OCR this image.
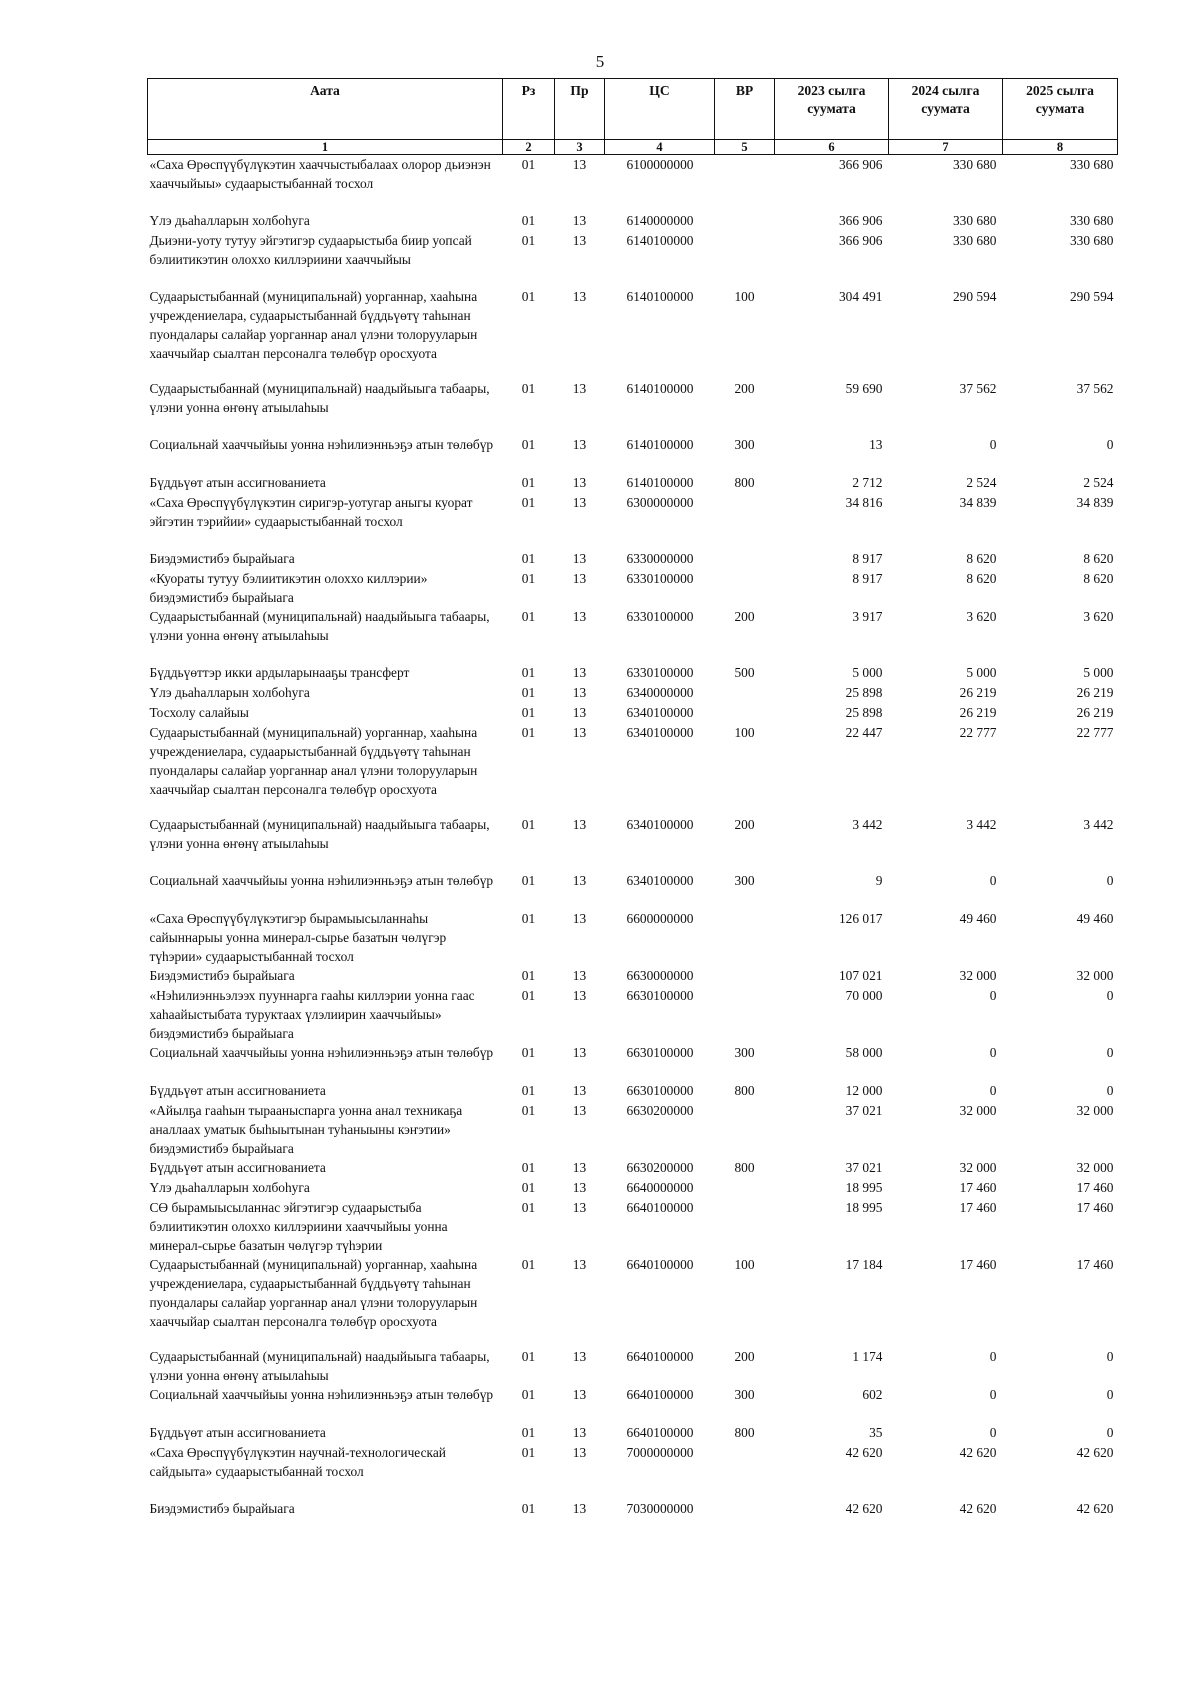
5
Аата	Рз	Пр	ЦС	ВР	2023 сылга суумата	2024 сылга суумата	2025 сылга суумата
1	2	3	4	5	6	7	8
«Саха Өрөспүүбүлүкэтин хааччыстыбалаах олорор дьиэнэн хааччыйыы» судаарыстыбаннай тосхол	01	13	6100000000		366 906	330 680	330 680
Үлэ дьаһалларын холбоһуга	01	13	6140000000		366 906	330 680	330 680
Дьиэни-уоту тутуу эйгэтигэр судаарыстыба биир уопсай бэлиитикэтин олоххо киллэриини хааччыйыы	01	13	6140100000		366 906	330 680	330 680
Судаарыстыбаннай (муниципальнай) уорганнар, хааһына учреждениелара, судаарыстыбаннай бүддьүөтү таһынан пуондалары салайар уорганнар анал үлэни толорууларын хааччыйар сыалтан персоналга төлөбүр оросхуота	01	13	6140100000	100	304 491	290 594	290 594
Судаарыстыбаннай (муниципальнай) наадыйыыга табаары, үлэни уонна өҥөнү атыылаһыы	01	13	6140100000	200	59 690	37 562	37 562
Социальнай хааччыйыы уонна нэһилиэнньэҕэ атын төлөбүр	01	13	6140100000	300	13	0	0
Бүддьүөт атын ассигнованиета	01	13	6140100000	800	2 712	2 524	2 524
«Саха Өрөспүүбүлүкэтин сиригэр-уотугар аныгы куорат эйгэтин тэрийии» судаарыстыбаннай тосхол	01	13	6300000000		34 816	34 839	34 839
Биэдэмистибэ бырайыага	01	13	6330000000		8 917	8 620	8 620
«Куораты тутуу бэлиитикэтин олоххо киллэрии» биэдэмистибэ бырайыага	01	13	6330100000		8 917	8 620	8 620
Судаарыстыбаннай (муниципальнай) наадыйыыга табаары, үлэни уонна өҥөнү атыылаһыы	01	13	6330100000	200	3 917	3 620	3 620
Бүддьүөттэр икки ардыларынааҕы трансферт	01	13	6330100000	500	5 000	5 000	5 000
Үлэ дьаһалларын холбоһуга	01	13	6340000000		25 898	26 219	26 219
Тосхолу салайыы	01	13	6340100000		25 898	26 219	26 219
Судаарыстыбаннай (муниципальнай) уорганнар, хааһына учреждениелара, судаарыстыбаннай бүддьүөтү таһынан пуондалары салайар уорганнар анал үлэни толорууларын хааччыйар сыалтан персоналга төлөбүр оросхуота	01	13	6340100000	100	22 447	22 777	22 777
Судаарыстыбаннай (муниципальнай) наадыйыыга табаары, үлэни уонна өҥөнү атыылаһыы	01	13	6340100000	200	3 442	3 442	3 442
Социальнай хааччыйыы уонна нэһилиэнньэҕэ атын төлөбүр	01	13	6340100000	300	9	0	0
«Саха Өрөспүүбүлүкэтигэр бырамыысыланнаһы сайыннарыы уонна минерал-сырье базатын чөлүгэр түһэрии» судаарыстыбаннай тосхол	01	13	6600000000		126 017	49 460	49 460
Биэдэмистибэ бырайыага	01	13	6630000000		107 021	32 000	32 000
«Нэһилиэнньэлээх пууннарга гааһы киллэрии уонна гаас хаһаайыстыбата туруктаах үлэлиирин хааччыйыы» биэдэмистибэ бырайыага	01	13	6630100000		70 000	0	0
Социальнай хааччыйыы уонна нэһилиэнньэҕэ атын төлөбүр	01	13	6630100000	300	58 000	0	0
Бүддьүөт атын ассигнованиета	01	13	6630100000	800	12 000	0	0
«Айылҕа гааһын тырааныспарга уонна анал техникаҕа аналлаах уматык быһыытынан туһаныыны кэҥэтии» биэдэмистибэ бырайыага	01	13	6630200000		37 021	32 000	32 000
Бүддьүөт атын ассигнованиета	01	13	6630200000	800	37 021	32 000	32 000
Үлэ дьаһалларын холбоһуга	01	13	6640000000		18 995	17 460	17 460
СӨ бырамыысыланнас эйгэтигэр судаарыстыба бэлиитикэтин олоххо киллэриини хааччыйыы уонна минерал-сырье базатын чөлүгэр түһэрии	01	13	6640100000		18 995	17 460	17 460
Судаарыстыбаннай (муниципальнай) уорганнар, хааһына учреждениелара, судаарыстыбаннай бүддьүөтү таһынан пуондалары салайар уорганнар анал үлэни толорууларын хааччыйар сыалтан персоналга төлөбүр оросхуота	01	13	6640100000	100	17 184	17 460	17 460
Судаарыстыбаннай (муниципальнай) наадыйыыга табаары, үлэни уонна өҥөнү атыылаһыы	01	13	6640100000	200	1 174	0	0
Социальнай хааччыйыы уонна нэһилиэнньэҕэ атын төлөбүр	01	13	6640100000	300	602	0	0
Бүддьүөт атын ассигнованиета	01	13	6640100000	800	35	0	0
«Саха Өрөспүүбүлүкэтин научнай-технологическай сайдыыта» судаарыстыбаннай тосхол	01	13	7000000000		42 620	42 620	42 620
Биэдэмистибэ бырайыага	01	13	7030000000		42 620	42 620	42 620
